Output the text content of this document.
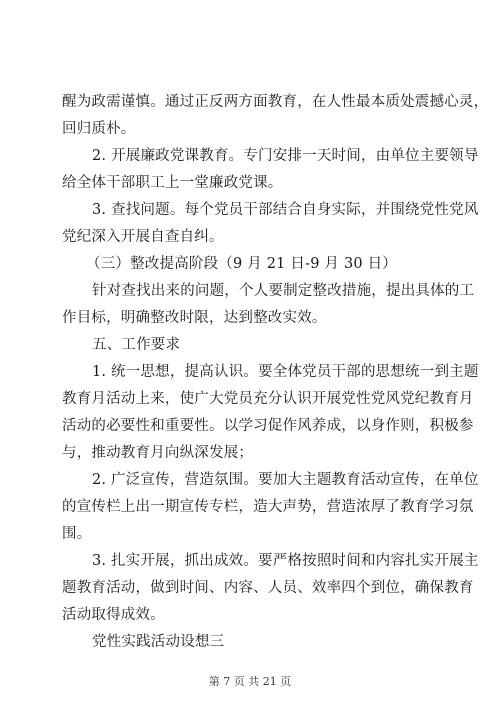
醒为政需谨慎。通过正反两方面教育，在人性最本质处震撼心灵，
回归质朴。
2. 开展廉政党课教育。专门安排一天时间，由单位主要领导
给全体干部职工上一堂廉政党课。
3. 查找问题。每个党员干部结合自身实际，并围绕党性党风
党纪深入开展自查自纠。
（三）整改提高阶段（9 月 21 日-9 月 30 日）
针对查找出来的问题，个人要制定整改措施，提出具体的工
作目标，明确整改时限，达到整改实效。
五、工作要求
1. 统一思想，提高认识。要全体党员干部的思想统一到主题
教育月活动上来，使广大党员充分认识开展党性党风党纪教育月
活动的必要性和重要性。以学习促作风养成，以身作则，积极参
与，推动教育月向纵深发展；
2. 广泛宣传，营造氛围。要加大主题教育活动宣传，在单位
的宣传栏上出一期宣传专栏，造大声势，营造浓厚了教育学习氛
围。
3. 扎实开展，抓出成效。要严格按照时间和内容扎实开展主
题教育活动，做到时间、内容、人员、效率四个到位，确保教育
活动取得成效。
党性实践活动设想三
第 7 页 共 21 页
